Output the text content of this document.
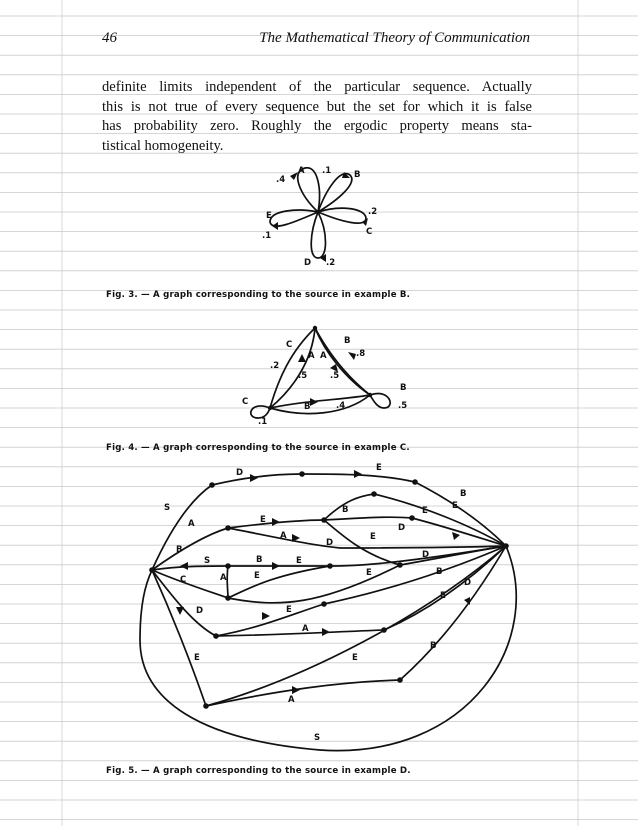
46	The Mathematical Theory of Communication
definite limits independent of the particular sequence. Actually
this is not true of every sequence but the set for which it is false
has probability zero. Roughly the ergodic property means sta-
tistical homogeneity.
A .1	B
.4
E	.2
C
.1
D .2
Fig. 3. — A graph corresponding to the source in example B.
C	B
.8
A A
.2
.5	.5
B
C	B	.4	.5
.1
Fig. 4. — A graph corresponding to the source in example C.
D	E
B
S
A	E
B	E	E
A
D
E
B
S	B	E
E
D
D
C	A	E	B
E
D
D
A
E
B
E
A
S
E
Fig. 5. — A graph corresponding to the source in example D.
